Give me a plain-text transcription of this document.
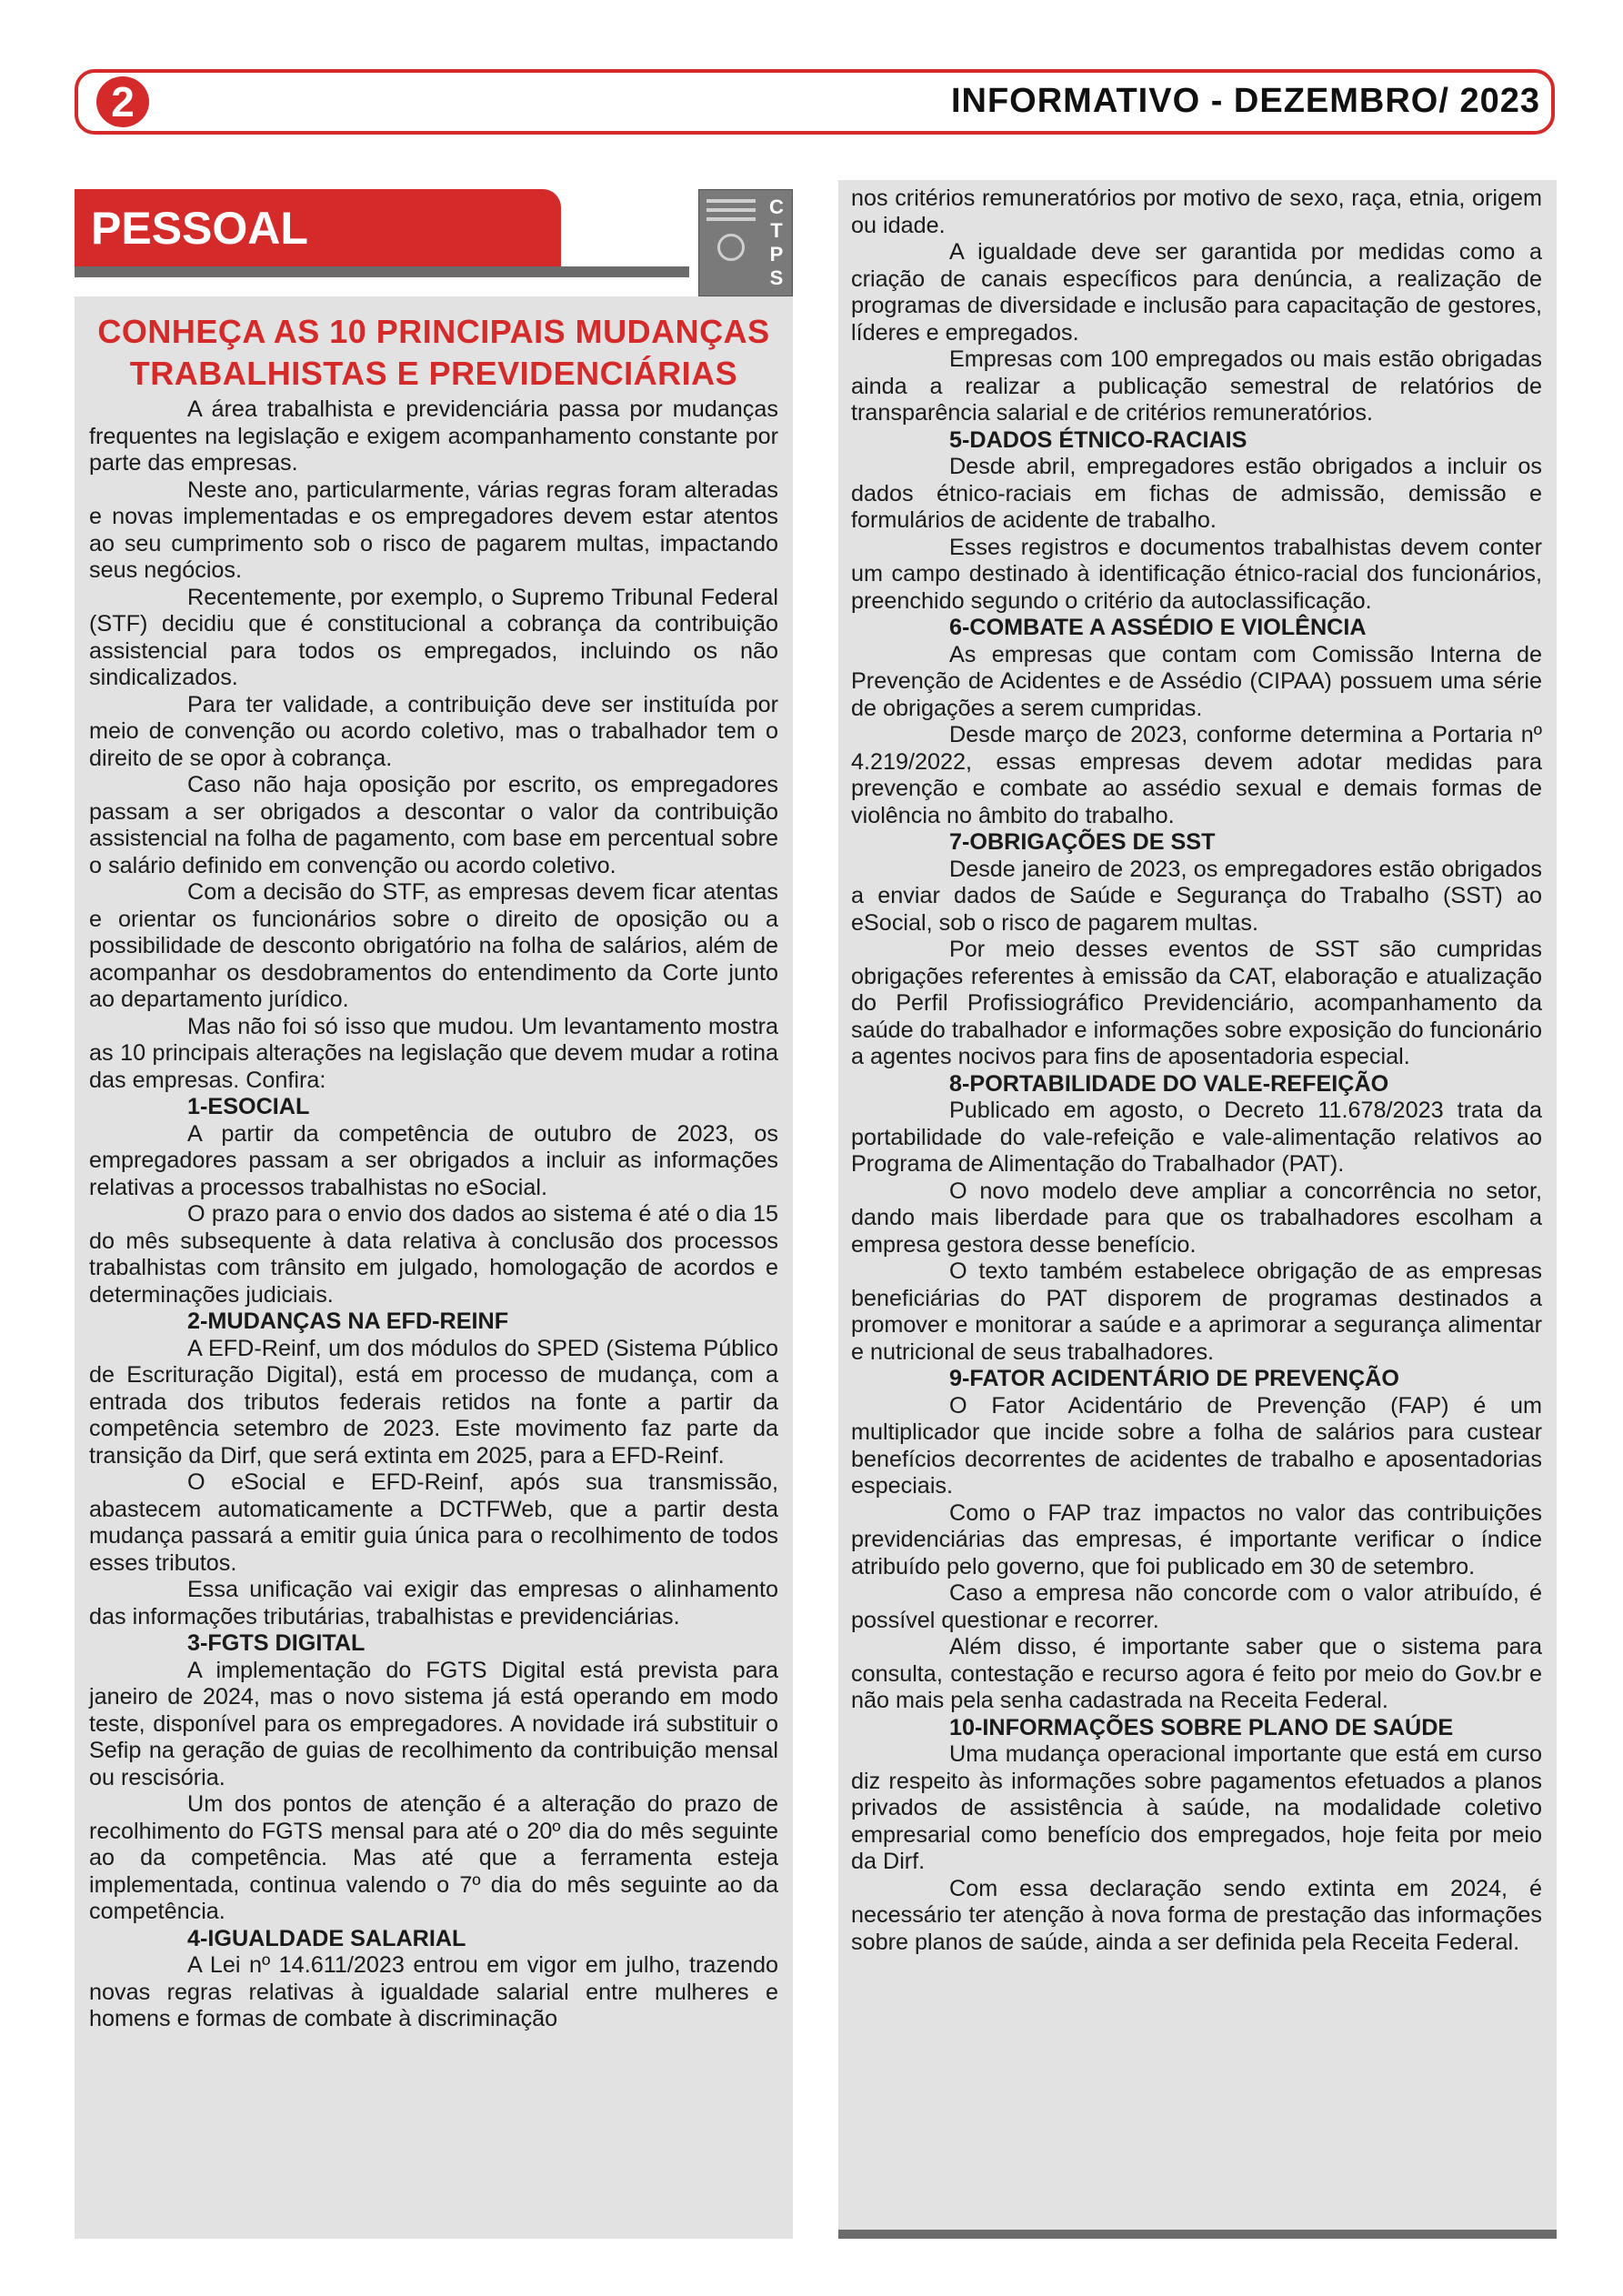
2	INFORMATIVO - DEZEMBRO/ 2023
PESSOAL	C
T
P
S
CONHEÇA AS 10 PRINCIPAIS MUDANÇAS TRABALHISTAS E PREVIDENCIÁRIAS

A área trabalhista e previdenciária passa por mudanças frequentes na legislação e exigem acompanhamento constante por parte das empresas.

Neste ano, particularmente, várias regras foram alteradas e novas implementadas e os empregadores devem estar atentos ao seu cumprimento sob o risco de pagarem multas, impactando seus negócios.

Recentemente, por exemplo, o Supremo Tribunal Federal (STF) decidiu que é constitucional a cobrança da contribuição assistencial para todos os empregados, incluindo os não sindicalizados.

Para ter validade, a contribuição deve ser instituída por meio de convenção ou acordo coletivo, mas o trabalhador tem o direito de se opor à cobrança.

Caso não haja oposição por escrito, os empregadores passam a ser obrigados a descontar o valor da contribuição assistencial na folha de pagamento, com base em percentual sobre o salário definido em convenção ou acordo coletivo.

Com a decisão do STF, as empresas devem ficar atentas e orientar os funcionários sobre o direito de oposição ou a possibilidade de desconto obrigatório na folha de salários, além de acompanhar os desdobramentos do entendimento da Corte junto ao departamento jurídico.

Mas não foi só isso que mudou. Um levantamento mostra as 10 principais alterações na legislação que devem mudar a rotina das empresas. Confira:

1-ESOCIAL

A partir da competência de outubro de 2023, os empregadores passam a ser obrigados a incluir as informações relativas a processos trabalhistas no eSocial.

O prazo para o envio dos dados ao sistema é até o dia 15 do mês subsequente à data relativa à conclusão dos processos trabalhistas com trânsito em julgado, homologação de acordos e determinações judiciais.

2-MUDANÇAS NA EFD-REINF

A EFD-Reinf, um dos módulos do SPED (Sistema Público de Escrituração Digital), está em processo de mudança, com a entrada dos tributos federais retidos na fonte a partir da competência setembro de 2023. Este movimento faz parte da transição da Dirf, que será extinta em 2025, para a EFD-Reinf.

O eSocial e EFD-Reinf, após sua transmissão, abastecem automaticamente a DCTFWeb, que a partir desta mudança passará a emitir guia única para o recolhimento de todos esses tributos.

Essa unificação vai exigir das empresas o alinhamento das informações tributárias, trabalhistas e previdenciárias.

3-FGTS DIGITAL

A implementação do FGTS Digital está prevista para janeiro de 2024, mas o novo sistema já está operando em modo teste, disponível para os empregadores. A novidade irá substituir o Sefip na geração de guias de recolhimento da contribuição mensal ou rescisória.

Um dos pontos de atenção é a alteração do prazo de recolhimento do FGTS mensal para até o 20º dia do mês seguinte ao da competência. Mas até que a ferramenta esteja implementada, continua valendo o 7º dia do mês seguinte ao da competência.

4-IGUALDADE SALARIAL

A Lei nº 14.611/2023 entrou em vigor em julho, trazendo novas regras relativas à igualdade salarial entre mulheres e homens e formas de combate à discriminação

nos critérios remuneratórios por motivo de sexo, raça, etnia, origem ou idade.

A igualdade deve ser garantida por medidas como a criação de canais específicos para denúncia, a realização de programas de diversidade e inclusão para capacitação de gestores, líderes e empregados.

Empresas com 100 empregados ou mais estão obrigadas ainda a realizar a publicação semestral de relatórios de transparência salarial e de critérios remuneratórios.

5-DADOS ÉTNICO-RACIAIS

Desde abril, empregadores estão obrigados a incluir os dados étnico-raciais em fichas de admissão, demissão e formulários de acidente de trabalho.

Esses registros e documentos trabalhistas devem conter um campo destinado à identificação étnico-racial dos funcionários, preenchido segundo o critério da autoclassificação.

6-COMBATE A ASSÉDIO E VIOLÊNCIA

As empresas que contam com Comissão Interna de Prevenção de Acidentes e de Assédio (CIPAA) possuem uma série de obrigações a serem cumpridas.

Desde março de 2023, conforme determina a Portaria nº 4.219/2022, essas empresas devem adotar medidas para prevenção e combate ao assédio sexual e demais formas de violência no âmbito do trabalho.

7-OBRIGAÇÕES DE SST

Desde janeiro de 2023, os empregadores estão obrigados a enviar dados de Saúde e Segurança do Trabalho (SST) ao eSocial, sob o risco de pagarem multas.

Por meio desses eventos de SST são cumpridas obrigações referentes à emissão da CAT, elaboração e atualização do Perfil Profissiográfico Previdenciário, acompanhamento da saúde do trabalhador e informações sobre exposição do funcionário a agentes nocivos para fins de aposentadoria especial.

8-PORTABILIDADE DO VALE-REFEIÇÃO

Publicado em agosto, o Decreto 11.678/2023 trata da portabilidade do vale-refeição e vale-alimentação relativos ao Programa de Alimentação do Trabalhador (PAT).

O novo modelo deve ampliar a concorrência no setor, dando mais liberdade para que os trabalhadores escolham a empresa gestora desse benefício.

O texto também estabelece obrigação de as empresas beneficiárias do PAT disporem de programas destinados a promover e monitorar a saúde e a aprimorar a segurança alimentar e nutricional de seus trabalhadores.

9-FATOR ACIDENTÁRIO DE PREVENÇÃO

O Fator Acidentário de Prevenção (FAP) é um multiplicador que incide sobre a folha de salários para custear benefícios decorrentes de acidentes de trabalho e aposentadorias especiais.

Como o FAP traz impactos no valor das contribuições previdenciárias das empresas, é importante verificar o índice atribuído pelo governo, que foi publicado em 30 de setembro.

Caso a empresa não concorde com o valor atribuído, é possível questionar e recorrer.

Além disso, é importante saber que o sistema para consulta, contestação e recurso agora é feito por meio do Gov.br e não mais pela senha cadastrada na Receita Federal.

10-INFORMAÇÕES SOBRE PLANO DE SAÚDE

Uma mudança operacional importante que está em curso diz respeito às informações sobre pagamentos efetuados a planos privados de assistência à saúde, na modalidade coletivo empresarial como benefício dos empregados, hoje feita por meio da Dirf.

Com essa declaração sendo extinta em 2024, é necessário ter atenção à nova forma de prestação das informações sobre planos de saúde, ainda a ser definida pela Receita Federal.
